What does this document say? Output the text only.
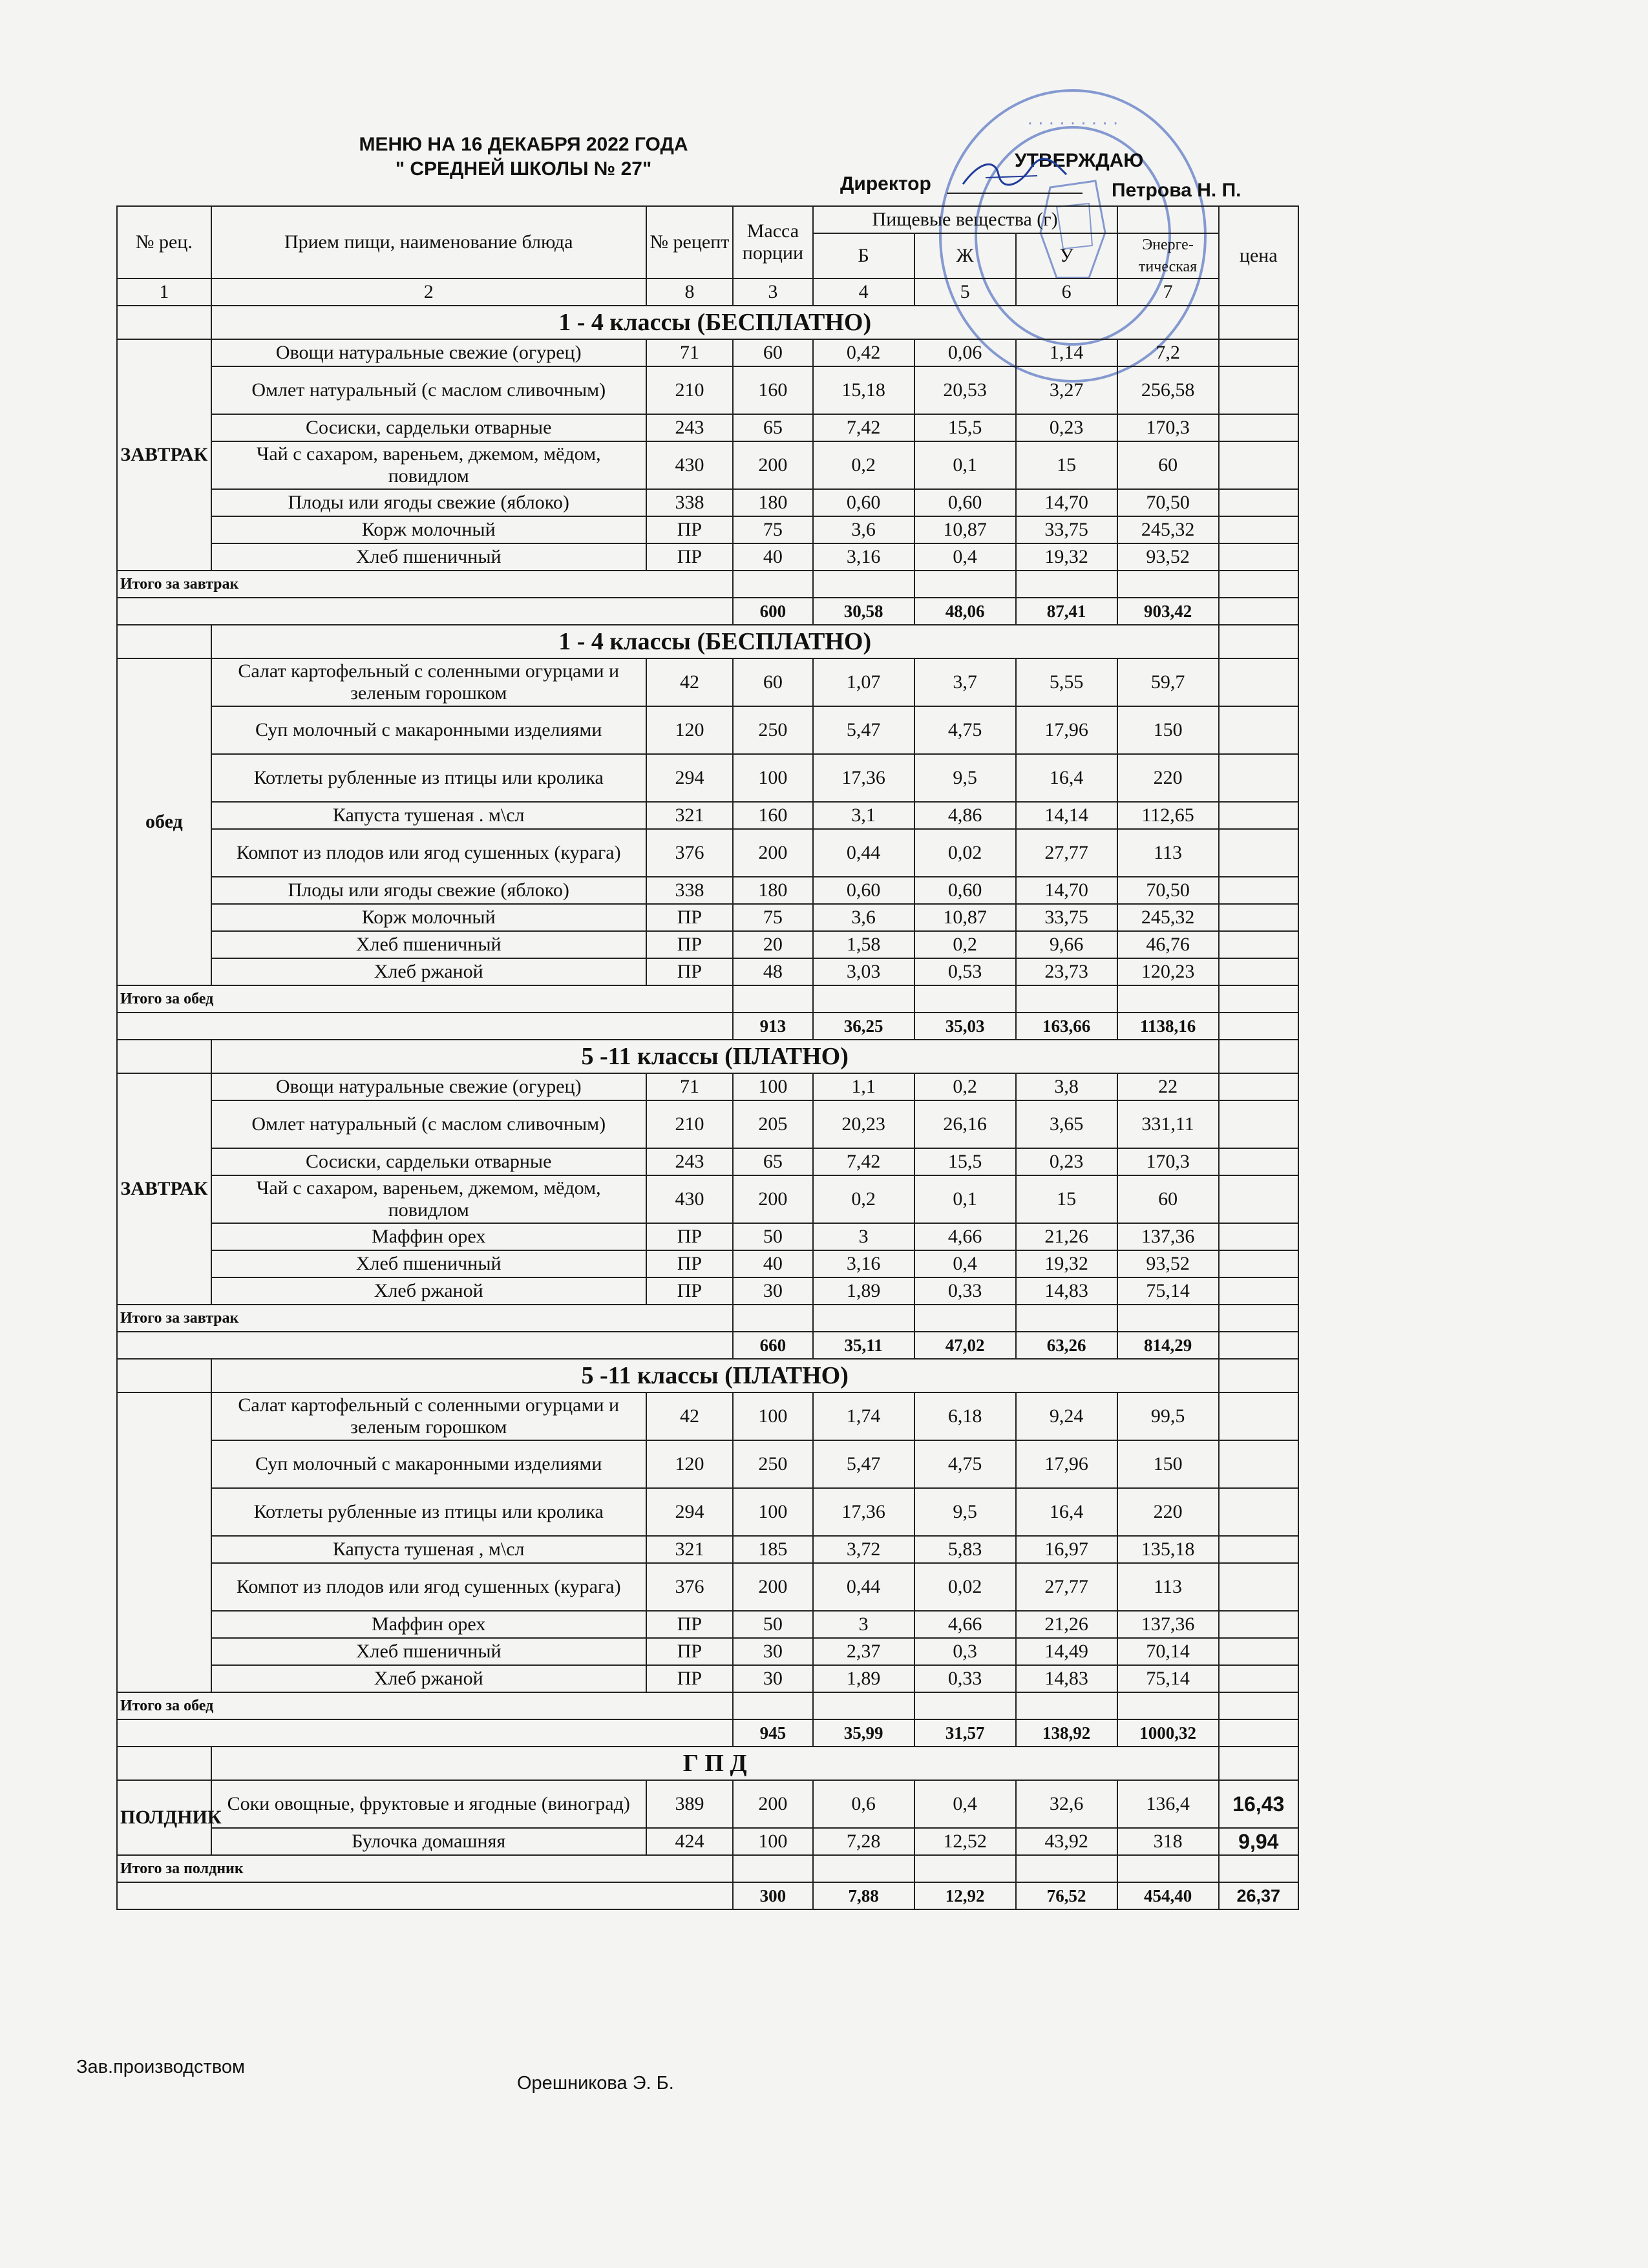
МЕНЮ НА 16 ДЕКАБРЯ 2022 ГОДА
" СРЕДНЕЙ ШКОЛЫ № 27"
· · · · · · · · ·
УТВЕРЖДАЮ
Директор	Петрова Н. П.
№ рец.	Прием пищи, наименование блюда	№ рецепт	Масса порции	Пищевые вещества (г)				цена
				Б	Ж	У	Энерге-тическая	
1	2	8	3	4	5	6	7	
	1 - 4 классы (БЕСПЛАТНО)							
ЗАВТРАК	Овощи натуральные свежие (огурец)	71	60	0,42	0,06	1,14	7,2	
	Омлет натуральный (с маслом сливочным)	210	160	15,18	20,53	3,27	256,58	
	Сосиски, сардельки отварные	243	65	7,42	15,5	0,23	170,3	
	Чай с сахаром, вареньем, джемом, мёдом, повидлом	430	200	0,2	0,1	15	60	
	Плоды или ягоды свежие (яблоко)	338	180	0,60	0,60	14,70	70,50	
	Корж молочный	ПР	75	3,6	10,87	33,75	245,32	
	Хлеб пшеничный	ПР	40	3,16	0,4	19,32	93,52	
Итого за завтрак								
			600	30,58	48,06	87,41	903,42	
	1 - 4 классы (БЕСПЛАТНО)							
обед	Салат картофельный с соленными огурцами и зеленым горошком	42	60	1,07	3,7	5,55	59,7	
	Суп молочный с макаронными изделиями	120	250	5,47	4,75	17,96	150	
	Котлеты рубленные из птицы или кролика	294	100	17,36	9,5	16,4	220	
	Капуста тушеная . м\сл	321	160	3,1	4,86	14,14	112,65	
	Компот из плодов или ягод сушенных (курага)	376	200	0,44	0,02	27,77	113	
	Плоды или ягоды свежие (яблоко)	338	180	0,60	0,60	14,70	70,50	
	Корж молочный	ПР	75	3,6	10,87	33,75	245,32	
	Хлеб пшеничный	ПР	20	1,58	0,2	9,66	46,76	
	Хлеб ржаной	ПР	48	3,03	0,53	23,73	120,23	
Итого за обед								
			913	36,25	35,03	163,66	1138,16	
	5 -11 классы (ПЛАТНО)							
ЗАВТРАК	Овощи натуральные свежие (огурец)	71	100	1,1	0,2	3,8	22	
	Омлет натуральный (с маслом сливочным)	210	205	20,23	26,16	3,65	331,11	
	Сосиски, сардельки отварные	243	65	7,42	15,5	0,23	170,3	
	Чай с сахаром, вареньем, джемом, мёдом, повидлом	430	200	0,2	0,1	15	60	
	Маффин орех	ПР	50	3	4,66	21,26	137,36	
	Хлеб пшеничный	ПР	40	3,16	0,4	19,32	93,52	
	Хлеб ржаной	ПР	30	1,89	0,33	14,83	75,14	
Итого за завтрак								
			660	35,11	47,02	63,26	814,29	
	5 -11 классы (ПЛАТНО)							
	Салат картофельный с соленными огурцами и зеленым горошком	42	100	1,74	6,18	9,24	99,5	
	Суп молочный с макаронными изделиями	120	250	5,47	4,75	17,96	150	
	Котлеты рубленные из птицы или кролика	294	100	17,36	9,5	16,4	220	
	Капуста тушеная , м\сл	321	185	3,72	5,83	16,97	135,18	
	Компот из плодов или ягод сушенных (курага)	376	200	0,44	0,02	27,77	113	
	Маффин орех	ПР	50	3	4,66	21,26	137,36	
	Хлеб пшеничный	ПР	30	2,37	0,3	14,49	70,14	
	Хлеб ржаной	ПР	30	1,89	0,33	14,83	75,14	
Итого за обед								
			945	35,99	31,57	138,92	1000,32	
	Г П Д							
ПОЛДНИК	Соки овощные, фруктовые и ягодные (виноград)	389	200	0,6	0,4	32,6	136,4	16,43
	Булочка домашняя	424	100	7,28	12,52	43,92	318	9,94
Итого за полдник								
			300	7,88	12,92	76,52	454,40	26,37
Зав.производством
Орешникова Э. Б.
